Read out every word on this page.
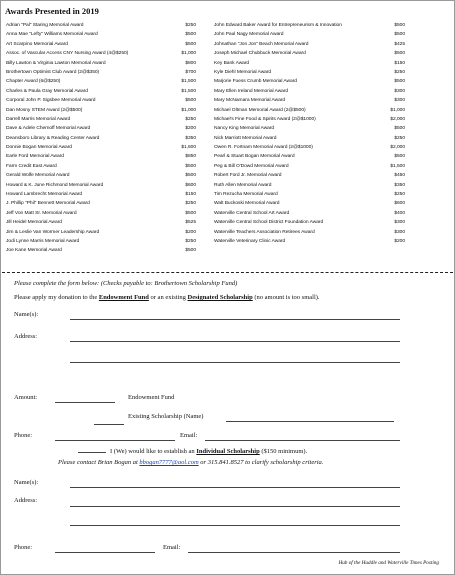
Awards Presented in 2019
Adrian "Pal" Staring Memorial Award	$250
Anna Mae "Lefty" Williams Memorial Award	$500
Art Scarpino Memorial Award	$500
Assoc. of Vascular Access CNY Nursing Award (4@$250)	$1,000
Billy Lawton & Virginia Lawton Memorial Award	$800
Brothertown Optimist Club Award (2@$350)	$700
Chapter Award (6@$250)	$1,500
Charles & Paula Gray Memorial Award	$1,500
Corporal John P. Sigsbee Memorial Award	$500
Dan Mosny STEM Award (2@$500)	$1,000
Darrell Marris Memorial Award	$250
Dave & Adele Chernoff Memorial Award	$200
Deansboro Library & Reading Center Award	$350
Donnie Bogan Memorial Award	$1,600
Earle Ford Memorial Award	$850
Farm Credit East Award	$500
Gerald Wolfe Memorial Award	$500
Howard & K. June Richmond Memorial Award	$600
Howard Lambrecht Memorial Award	$150
J. Phillip "Phil" Bennett Memorial Award	$250
Jeff Von Matt Sr. Memorial Award	$500
Jill Heidel Memorial Award	$525
Jim & Leslie Van Wormer Leadership Award	$200
Jodi Lynne Marris Memorial Award	$250
Joe Kane Memorial Award	$500
John Edward Baker Award for Entrepreneurism & Innovation	$500
John Paul Nagy Memorial Award	$500
Johnathan "Jon Jon" Beach Memorial Award	$425
Joseph Michael Chubbuck Memorial Award	$500
Key Bank Award	$150
Kyle Diehl Memorial Award	$250
Marjorie Fuess Crumb Memorial Award	$500
Mary Ellen Ireland Memorial Award	$300
Mary McNamara Memorial Award	$300
Michael Oltman Memorial Award (2@$500)	$1,000
Michael's Fine Food & Spirits Award (2@$1000)	$2,000
Nancy King Memorial Award	$500
Nick Marriott Memorial Award	$250
Owen R. Fortnam Memorial Award (2@$1000)	$2,000
Pearl & Stuart Bogan Memorial Award	$500
Peg & Bill O'Dowd Memorial Award	$1,500
Robert Ford Jr. Memorial Award	$450
Ruth Allen Memorial Award	$350
Tim Rezucha Memorial Award	$250
Walt Buckoski Memorial Award	$600
Waterville Central School Art Award	$400
Waterville Central School District Foundation Award	$300
Waterville Teachers Association Retirees Award	$300
Waterville Veterinary Clinic Award	$200
Please complete the form below: (Checks payable to: Brothertown Scholarship Fund)
Please apply my donation to the Endowment Fund or an existing Designated Scholarship (no amount is too small).
Name(s):
Address:
Amount:	Endowment Fund
Existing Scholarship (Name)
Phone:	Email:
I (We) would like to establish an Individual Scholarship ($150 minimum).
Please contact Brian Bogan at bbogan7777@aol.com or 315.841.8527 to clarify scholarship criteria.
Name(s):
Address:
Phone:	Email:
Hub of the Huddle and Waterville Times Posting
